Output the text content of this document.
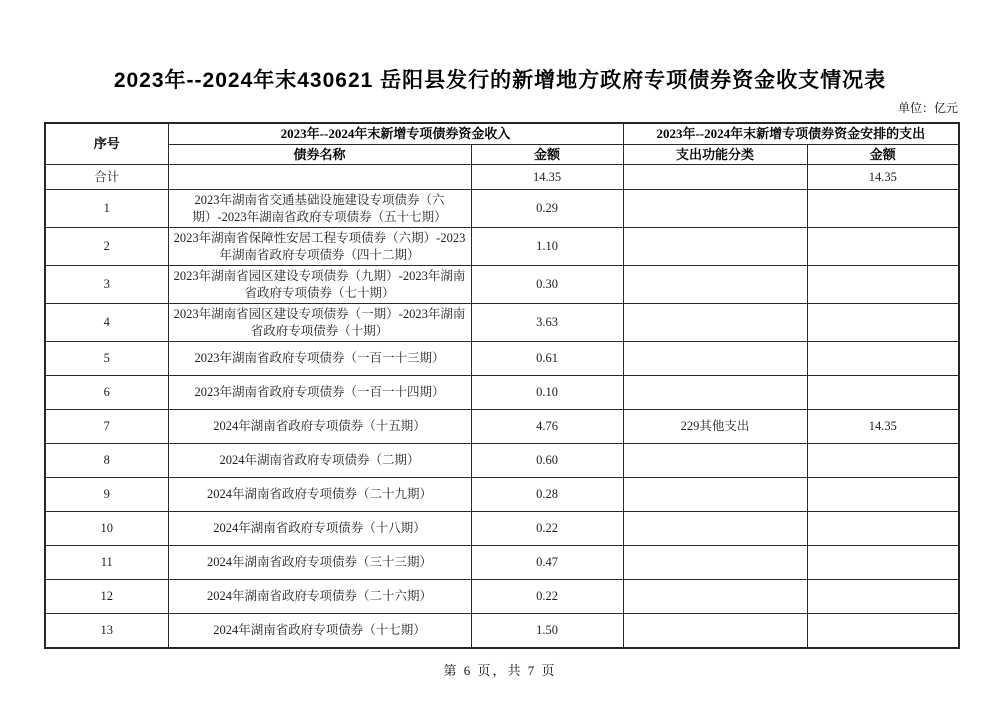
2023年--2024年末430621 岳阳县发行的新增地方政府专项债券资金收支情况表
单位：亿元
序号	2023年--2024年末新增专项债券资金收入		2023年--2024年末新增专项债券资金安排的支出	
	债券名称	金额	支出功能分类	金额
合计		14.35		14.35
1	2023年湖南省交通基础设施建设专项债券（六期）-2023年湖南省政府专项债券（五十七期）	0.29		
2	2023年湖南省保障性安居工程专项债券（六期）-2023年湖南省政府专项债券（四十二期）	1.10		
3	2023年湖南省园区建设专项债券（九期）-2023年湖南省政府专项债券（七十期）	0.30		
4	2023年湖南省园区建设专项债券（一期）-2023年湖南省政府专项债券（十期）	3.63		
5	2023年湖南省政府专项债券（一百一十三期）	0.61		
6	2023年湖南省政府专项债券（一百一十四期）	0.10		
7	2024年湖南省政府专项债券（十五期）	4.76	229其他支出	14.35
8	2024年湖南省政府专项债券（二期）	0.60		
9	2024年湖南省政府专项债券（二十九期）	0.28		
10	2024年湖南省政府专项债券（十八期）	0.22		
11	2024年湖南省政府专项债券（三十三期）	0.47		
12	2024年湖南省政府专项债券（二十六期）	0.22		
13	2024年湖南省政府专项债券（十七期）	1.50		
第 6 页，共 7 页
